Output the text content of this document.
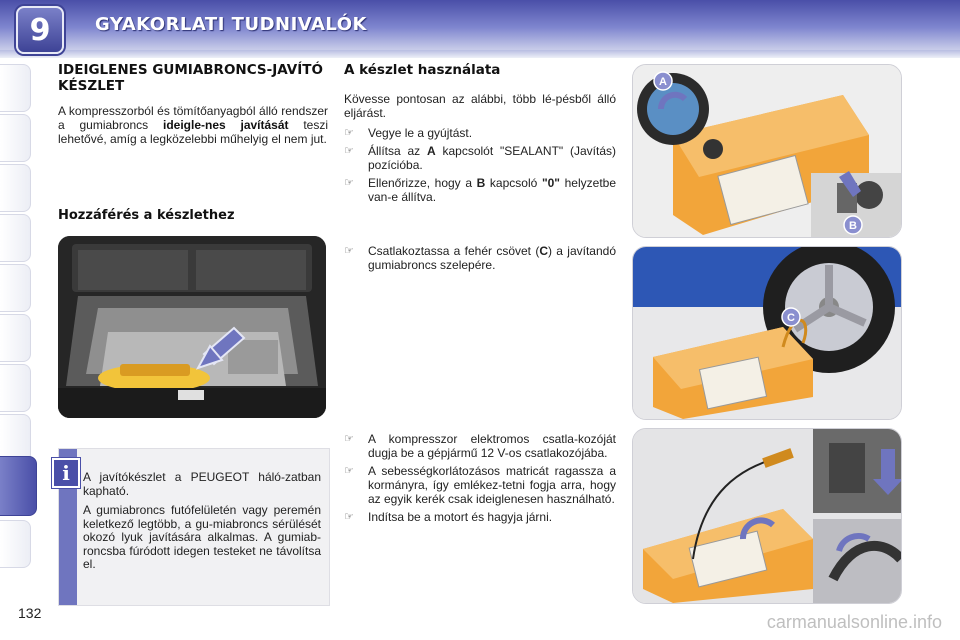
9	GYAKORLATI TUDNIVALÓK
IDEIGLENES GUMIABRONCS-JAVÍTÓ KÉSZLET

A kompresszorból és tömítőanyagból álló rendszer a gumiabroncs ideigle-nes javítását teszi lehetővé, amíg a legközelebbi műhelyig el nem jut.

Hozzáférés a készlethez

A javítókészlet a PEUGEOT háló-zatban kapható.

A gumiabroncs futófelületén vagy peremén keletkező legtöbb, a gu-miabroncs sérülését okozó lyuk javítására alkalmas. A gumiab-roncsba fúródott idegen testeket ne távolítsa el.

i
A készlet használata

Kövesse pontosan az alábbi, több lé-pésből álló eljárást.

☞ Vegye le a gyújtást.

☞ Állítsa az A kapcsolót "SEALANT" (Javítás) pozícióba.

☞ Ellenőrizze, hogy a B kapcsoló "0" helyzetbe van-e állítva.

☞ Csatlakoztassa a fehér csövet (C) a javítandó gumiabroncs szelepére.

☞ A kompresszor elektromos csatla-kozóját dugja be a gépjármű 12 V-os csatlakozójába.

☞ A sebességkorlátozásos matricát ragassza a kormányra, így emlékez-tetni fogja arra, hogy az egyik kerék csak ideiglenesen használható.

☞ Indítsa be a motort és hagyja járni.

A
B
C
132	carmanualsonline.info
